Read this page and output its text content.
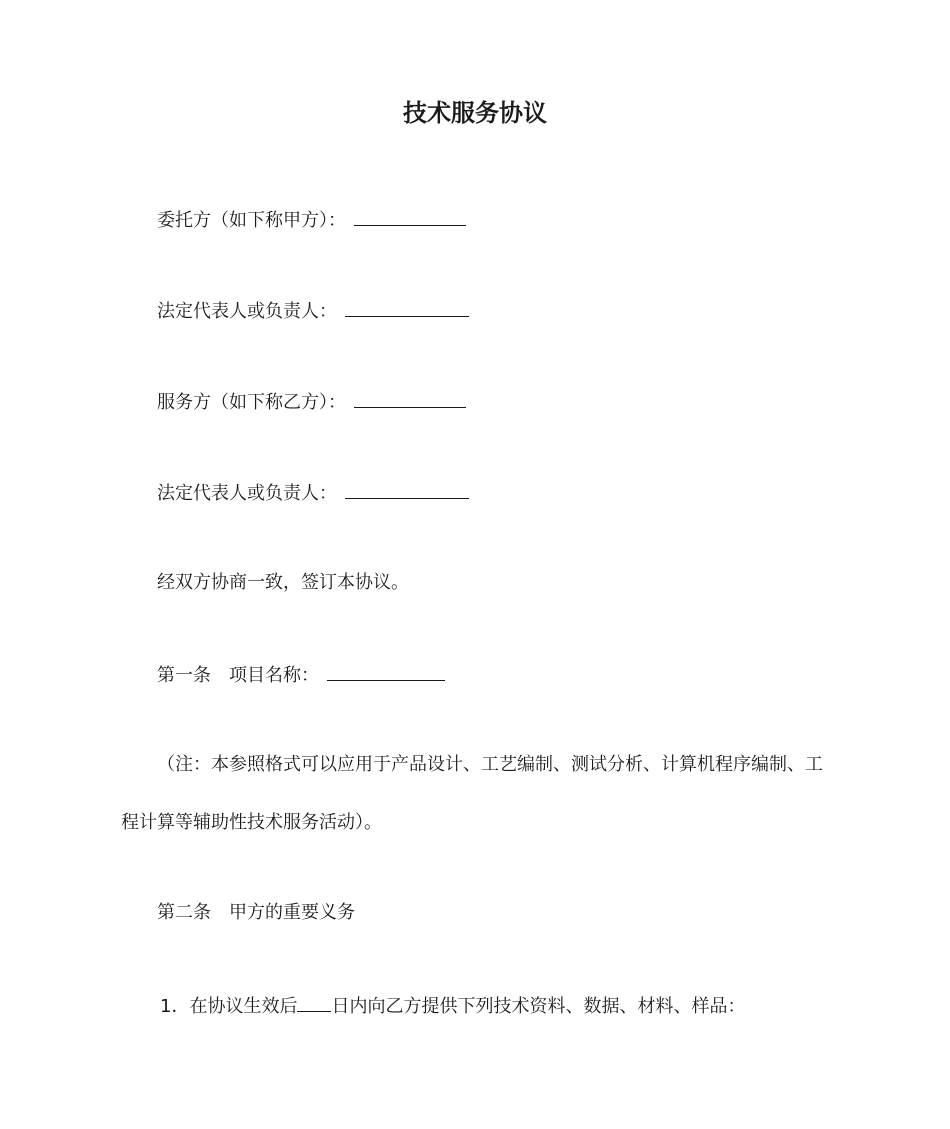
技术服务协议
委托方（如下称甲方）：
法定代表人或负责人：
服务方（如下称乙方）：
法定代表人或负责人：
经双方协商一致，签订本协议。
第一条 项目名称：
（注：本参照格式可以应用于产品设计、工艺编制、测试分析、计算机程序编制、工
程计算等辅助性技术服务活动）。
第二条 甲方的重要义务
1．在协议生效后 日内向乙方提供下列技术资料、数据、材料、样品：
